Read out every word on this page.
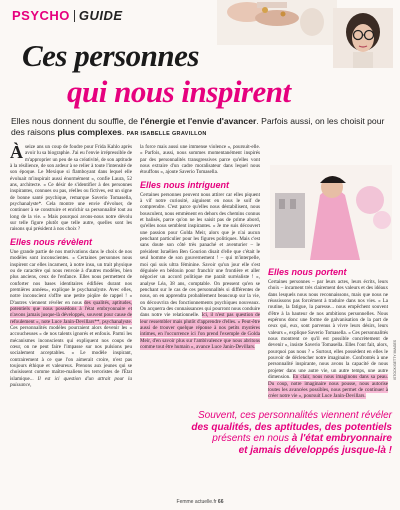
PSYCHO GUIDE
Ces personnes
qui nous inspirent
Elles nous donnent du souffle, de l'énergie et l'envie d'avancer. Parfois aussi, on les choisit pour des raisons plus complexes. PAR ISABELLE GRAVILLON
À seize ans un coup de foudre pour Frida Kahlo après avoir lu sa biographie. J'ai eu l'envie irrépressible de m'approprier un peu de sa créativité, de son aptitude à la résilience, de son ardeur à se relier à toute l'intensité de son époque. Le Mexique si flamboyant dans lequel elle évoluait m'inspirait aussi énormément », confie Laura, 52 ans, architecte. « Ce désir de s'identifier à des personnes inspirantes, connues ou pas, réelles ou fictives, est un signe de bonne santé psychique, remarque Saverio Tomasella, psychanalyste*. Cela montre une envie d'évoluer, de continuer à se construire et enrichir sa personnalité tout au long de la vie. » Mais pourquoi avons-nous notre dévolu sur telle figure plutôt que telle autre, quelles sont les raisons qui président à nos choix ?
Elles nous révèlent
Une grande partie de nos motivations dans le choix de nos modèles sont inconscientes. « Certaines personnes nous inspirent car elles incarnent, à notre insu, un trait physique ou de caractère qui nous renvoie à d'autres modèles, bien plus anciens, ceux de l'enfance. Elles nous permettent de conforter nos bases identitaires édifiées durant nos premières années», explique le psychanalyste. Avec elles, notre inconscient s'offre une petite piqûre de rappel ! « D'autres viennent révéler en nous des qualités, aptitudes, potentiels que nous possédons à l'état embryonnaire et n'avons jamais jusque-là développés, souvent pour cause de refoulement », note Luce Janin-Devillars**, psychanalyste. Ces personnalités modèles pourraient alors devenir les « accoucheuses » de nos talents ignorés et enfouis. Parmi les mécanismes inconscients qui expliquent nos coups de cœur, on ne peut faire l'impasse sur nos pulsions peu socialement acceptables. « Le modèle inspirant, contrairement à ce que l'on aimerait croire, n'est pas toujours éthique et valeureux. Prenons aux jeunes qui se choisissent comme maître-maliens les terroristes de l'État islamique... Il est ici question d'un attrait pour la puissance,
la force mais aussi une immense violence », poursuit-elle. « Parfois, aussi, nous sommes momentanément inspirés par des personnalités transgressives parce qu'elles vont nous extraire d'un cadre moralisateur dans lequel nous étouffons », ajoute Saverio Tomasella.
Elles nous intriguent
Certaines personnes peuvent nous attirer car elles piquent à vif notre curiosité, aiguisent en nous le soif de comprendre. C'est parce qu'elles nous déstabilisent, nous bousculent, nous emmènent en dehors des chemins connus et balisés, parce qu'on ne les saisit pas de prime abord, qu'elles nous semblent inspirantes. « Je me suis découvert une passion pour Golda Meir, alors que je n'ai aucun penchant particulier pour les figures politiques. Mais c'est sans doute son côté très panaché et aventurier – le président Israélien Ben Gourion disait d'elle que c'était le seul homme de son gouvernement ! – qui m'interpelle, moi qui suis ultra féminine. Savoir qu'un jour elle s'est déguisée en bédouin pour franchir une frontière et aller négocier un accord politique me paraît surréaliste ! », analyse Léa, 38 ans, comptable. On pressent qu'en se penchant sur le cas de ces personnalités si différentes de nous, on en apprendra probablement beaucoup sur la vie, on découvrira des fonctionnements psychiques nouveaux. On acquerra des connaissances qui pourront nous conduire dans notre vie relationnelle. Ici, il n'est pas question de leur ressembler mais plutôt d'apprendre d'elles. « Peut-être aussi de trouver quelque réponse à nos petits mystères intimes, en l'occurrence ici l'on prend l'exemple de Golda Meir, d'en savoir plus sur l'ambivalence que nous abritons comme tout être humain », avance Luce Janin-Devillars.
Elles nous portent
Certaines personnes – par leurs actes, leurs écrits, leurs choix – incarnent très clairement des valeurs et des idéaux dans lesquels nous nous reconnaissons, mais que nous ne réussissons pas forcément à traduire dans nos vies. « La routine, la fatigue, la paresse... nous empêchent souvent d'être à la hauteur de nos ambitions personnelles. Nous espérons donc une forme de galvanisation de la part de ceux qui, eux, sont parvenus à vivre leurs désirs, leurs valeurs », explique Saverio Tomasella. « Ces personnalités nous montrent ce qu'il est possible concrètement de devenir », insiste Saverio Tomasella. Elles l'ont fait, alors, pourquoi pas nous ? » Surtout, elles possèdent en elles le pouvoir de déclencher notre imaginaire. Confrontés à une personnalité inspirante, nous avons la capacité de nous projeter dans une autre vie, un autre temps, une autre dimension. En clair, nous nous imaginons dans sa peau. Du coup, notre imaginaire nous pousse, nous autorise toutes les avancées possibles, nous permet de continuer à créer notre vie », poursuit Luce Janin-Devillars.
Souvent, ces personnalités viennent révéler
des qualités, des aptitudes, des potentiels
présents en nous à l'état embryonnaire
et jamais développés jusque-là !
ISTOCK/GETTY IMAGES
Femme actuelle.fr 66
